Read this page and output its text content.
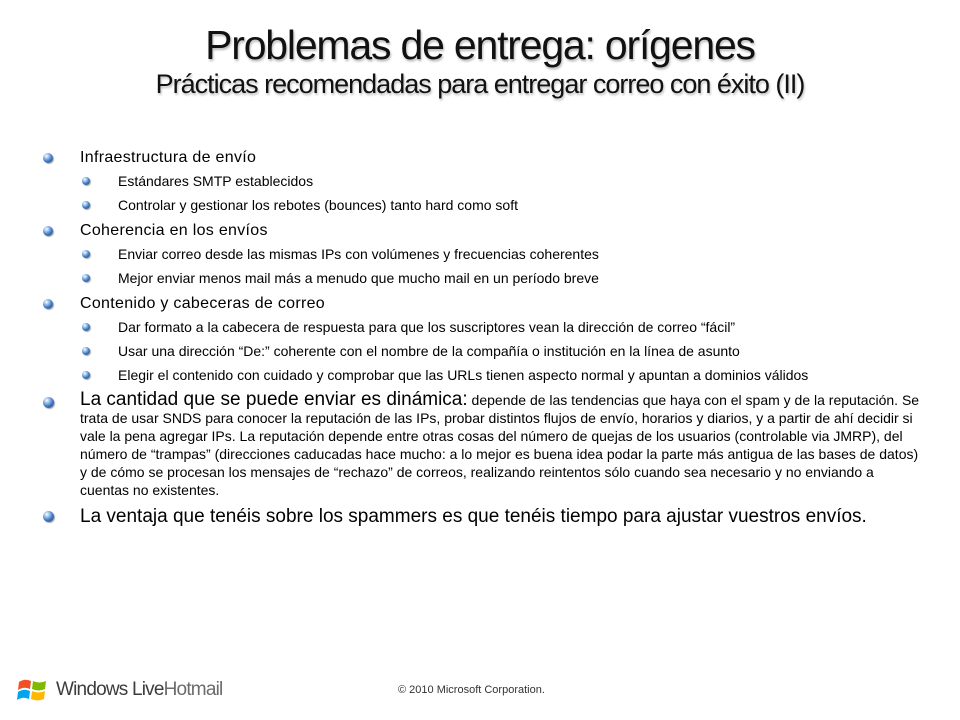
Problemas de entrega: orígenes
Prácticas recomendadas para entregar correo con éxito (II)
Infraestructura de envío
Estándares SMTP establecidos
Controlar y gestionar los rebotes (bounces) tanto hard como soft
Coherencia en los envíos
Enviar correo desde las mismas IPs con volúmenes y frecuencias coherentes
Mejor enviar menos mail más a menudo que mucho mail en un período breve
Contenido y cabeceras de correo
Dar formato a la cabecera de respuesta para que los suscriptores vean la dirección de correo “fácil”
Usar una dirección “De:” coherente con el nombre de la compañía o institución en la línea de asunto
Elegir el contenido con cuidado y comprobar que las URLs tienen aspecto normal y apuntan a dominios válidos
La cantidad que se puede enviar es dinámica: depende de las tendencias que haya con el spam y de la reputación. Se trata de usar SNDS para conocer la reputación de las IPs, probar distintos flujos de envío, horarios y diarios, y a partir de ahí decidir si vale la pena agregar IPs. La reputación depende entre otras cosas del número de quejas de los usuarios (controlable via JMRP), del número de “trampas” (direcciones caducadas hace mucho: a lo mejor es buena idea podar la parte más antigua de las bases de datos) y de cómo se procesan los mensajes de “rechazo” de correos, realizando reintentos sólo cuando sea necesario y no enviando a cuentas no existentes.
La ventaja que tenéis sobre los spammers es que tenéis tiempo para ajustar vuestros envíos.
Windows LiveHotmail	© 2010 Microsoft Corporation.
